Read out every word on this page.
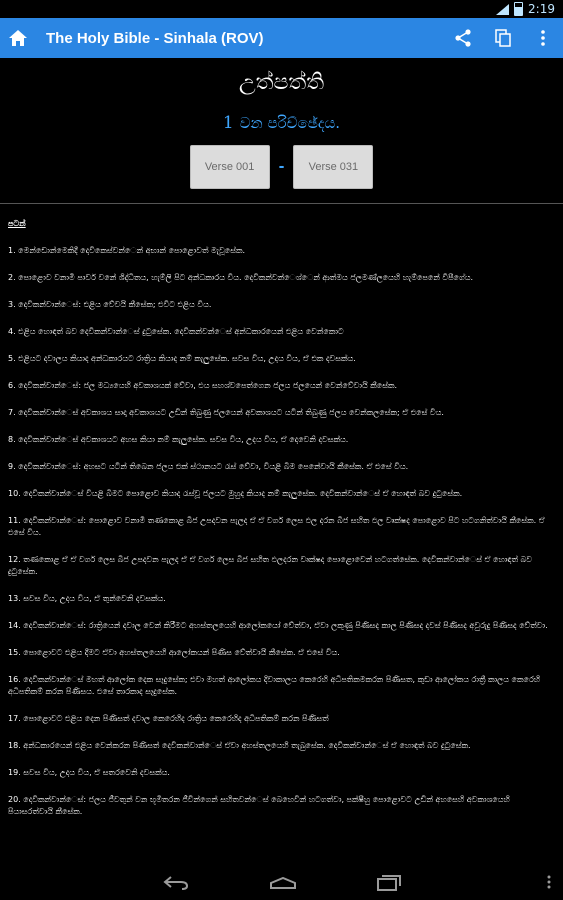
2:19
The Holy Bible - Sinhala (ROV)
උත්පත්ති
1 වන පරිච්ඡේදය.
Verse 001	-	Verse 031
පටන්
1. මෙන්ඩොන්මෙකිදී දෙවිකෙස්වන්ෙන් අභාන් පොළොවත් මැවූසේක.
2. පොළොව වනාමී පාවර් වනේ ශිද්ධිතය, හැම්ලි පිට අන්ධකාරය විය. දෙවිකන්වන්ෙශ්ෙන් ආත්මය ජලමණ්ලයෙහි හැම්පෙනේ වීපීගේය.
3. දෙවිකන්වාන්ෙස්: එළිය වේවයි කීසේක; එවිට එළිය විය.
4. එළිය හොඳත් බව දෙවිකන්වාන්ෙස් දුටුසේක. දෙවිකන්වන්ෙස් අන්ධකාරයෙන් එළිය වෙන්කොට
5. එළියට දවාලය කියාද අන්ධකාරයට රාත්‍රිය කියාද නම් කැලුසේක. සවස විය, උදය විය, ඒ එක දවසක්ය.
6. දෙවිකන්වාන්ෙස්: ජල මධ්‍යයෙහි අවකාශයක් වේවා, එය සහශ්වපෙත්ගෙන ජලය ජලයෙන් වෙන්වේවායි කීසේක.
7. දෙවිකන්වාන්ෙස් අවකාශය සාදා අවකාශයට උඩින් තිබුණු ජලයෙන් අවකාශයට යටින් තිබුණු ජලය වෙන්කලසේක; ඒ එසේ විය.
8. දෙවිකන්වාන්ෙස් අවකාශයට අහස කියා නම් කැලුසේක. සවස විය, උදය විය, ඒ දෙවෙනි දවසක්ය.
9. දෙවිකන්වාන්ෙස්: අහසට යටින් තිබෙන ජලය එක් ස්ථානයට රැස් වේවා, වියළි බිම පෙනේවායි කීසේක. ඒ එසේ විය.
10. දෙවිකන්වාන්ෙස් වියළි බිමට පොළොව කියාද රැස්වූ ජලයට මුහුද කියාද නම් කැලුසේක. දෙවිකන්වාන්ෙස් ඒ හොඳත් බව දුටුසේක.
11. දෙවිකන්වාන්ෙස්: පොළොව වනාමී තණකොළ බීජ උපදවන පැලද ඒ ඒ වර්ග ලෙස ඵල දරන බීජ සහිත ඵල වෘක්ෂද පොළොව පිට හටගනිත්වායි කීසේක. ඒ එසේ විය.
12. තණකොළ ඒ ඒ වර්ග ලෙස බීජ උපදවන පැලද ඒ ඒ වර්ග ලෙස බීජ සහිත ඵලදරන වෘක්ෂද පොළොවෙන් හටගත්සේක. දෙවිකන්වාන්ෙස් ඒ හොඳත් බව දුටුසේක.
13. සවස විය, උදය විය, ඒ තුන්වෙනි දවසක්ය.
14. දෙවිකන්වාන්ෙස්: රාත්‍රියෙන් දවාල වෙන් කිරීමට අහස්තලයෙහි ආලෝකයෝ වේත්වා, ඒවා ලකුණු පිණිසද කාල පිණිසද දවස් පිණිසද අවුරුදු පිණිසද වේත්වා.
15. පොළොවට එළිය දීමට ඒවා අහස්තලයෙහි ආලෝකයන් පිණිස වේත්වායි කීසේක. ඒ එසේ විය.
16. දෙවිකන්වාන්ෙස් මහත් ආලෝක දෙක සෑදුසේක; එවා මහත් ආලෝකය දිවාකාලය කෙරෙහි අධිපතිකමකරන පිණිසත, කුඩා ආලෝකය රාත්‍රී කාලය කෙරෙහි අධිපතිකම් කරන පිණිසය. එසේ තාරකාද සෑදුසේක.
17. පොළොවට එළිය දෙන පිණිසත් දවාල කෙරෙහිද රාත්‍රිය කෙරෙහිද අධිපතිකම් කරන පිණිසත්
18. අන්ධකාරයෙන් එළිය වෙන්කරන පිණිසත් දෙවිකන්වාන්ෙස් ඒවා අහස්තලයෙහි තැබුසේක. දෙවිකන්වාන්ෙස් ඒ හොඳත් බව දුටුසේක.
19. සවස විය, උදය විය, ඒ සතරවෙනි දවසක්ය.
20. දෙවිකන්වාන්ෙස්: ජලය ජීවතුන් වන භූමිතරන ජීවීන්ගෙන් සහිතවන්ෙස් බෙහෙවින් හටගත්වා, පක්ෂීහු පොළොවට උඩින් අහසෙහි අවකාශයෙහි පියාසරත්වායි කීසේක.
